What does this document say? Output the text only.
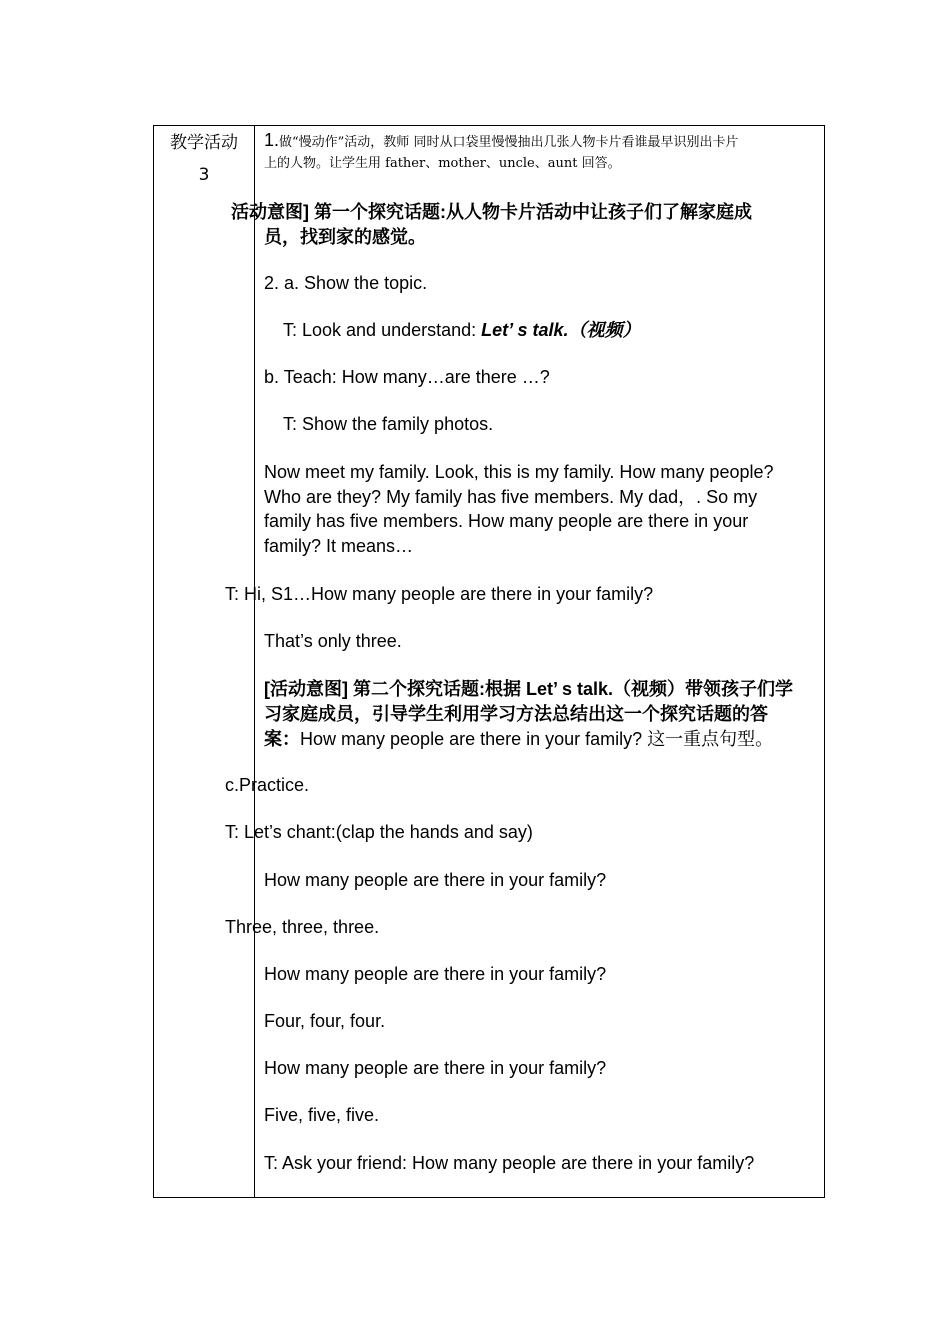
教学活动
3
1.做“慢动作”活动，教师 同时从口袋里慢慢抽出几张人物卡片看谁最早识别出卡片
上的人物。让学生用 father、mother、uncle、aunt 回答。
活动意图] 第一个探究话题:从人物卡片活动中让孩子们了解家庭成
员，找到家的感觉。
2. a. Show the topic.
T: Look and understand: Let’ s talk.（视频）
b. Teach: How many…are there …?
T: Show the family photos.
Now meet my family. Look, this is my family. How many people?
Who are they? My family has five members. My dad，. So my
family has five members. How many people are there in your
family? It means…
T: Hi, S1…How many people are there in your family?
That’s only three.
[活动意图] 第二个探究话题:根据 Let’ s talk.（视频）带领孩子们学
习家庭成员，引导学生利用学习方法总结出这一个探究话题的答
案：How many people are there in your family? 这一重点句型。
c.Practice.
T: Let’s chant:(clap the hands and say)
How many people are there in your family?
Three, three, three.
How many people are there in your family?
Four, four, four.
How many people are there in your family?
Five, five, five.
T: Ask your friend: How many people are there in your family?
